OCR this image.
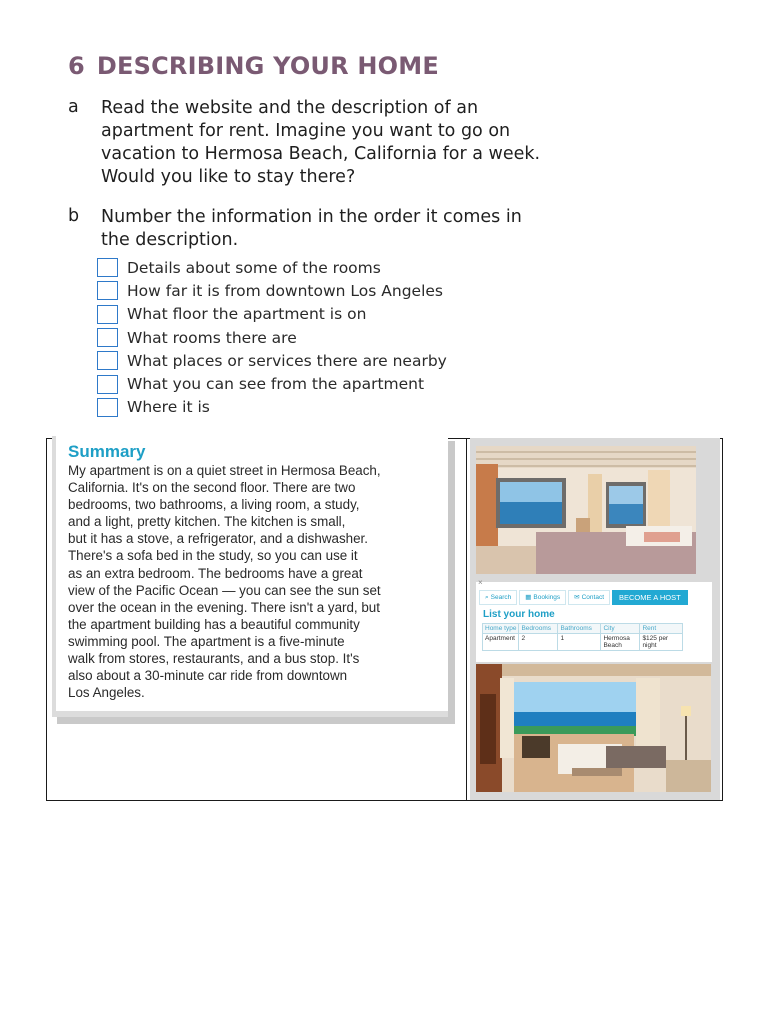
6 DESCRIBING YOUR HOME
a Read the website and the description of an
apartment for rent. Imagine you want to go on
vacation to Hermosa Beach, California for a week.
Would you like to stay there?
b Number the information in the order it comes in
the description.
Details about some of the rooms
How far it is from downtown Los Angeles
What floor the apartment is on
What rooms there are
What places or services there are nearby
What you can see from the apartment
Where it is
Summary

My apartment is on a quiet street in Hermosa Beach,
California. It's on the second floor. There are two
bedrooms, two bathrooms, a living room, a study,
and a light, pretty kitchen. The kitchen is small,
but it has a stove, a refrigerator, and a dishwasher.
There's a sofa bed in the study, so you can use it
as an extra bedroom. The bedrooms have a great
view of the Pacific Ocean — you can see the sun set
over the ocean in the evening. There isn't a yard, but
the apartment building has a beautiful community
swimming pool. The apartment is a five-minute
walk from stores, restaurants, and a bus stop. It's
also about a 30-minute car ride from downtown
Los Angeles.

×
⌕ Search	▦ Bookings	✉ Contact	BECOME A HOST
List your home
Home type	Bedrooms	Bathrooms	City	Rent
Apartment	2	1	Hermosa Beach	$125 per night
